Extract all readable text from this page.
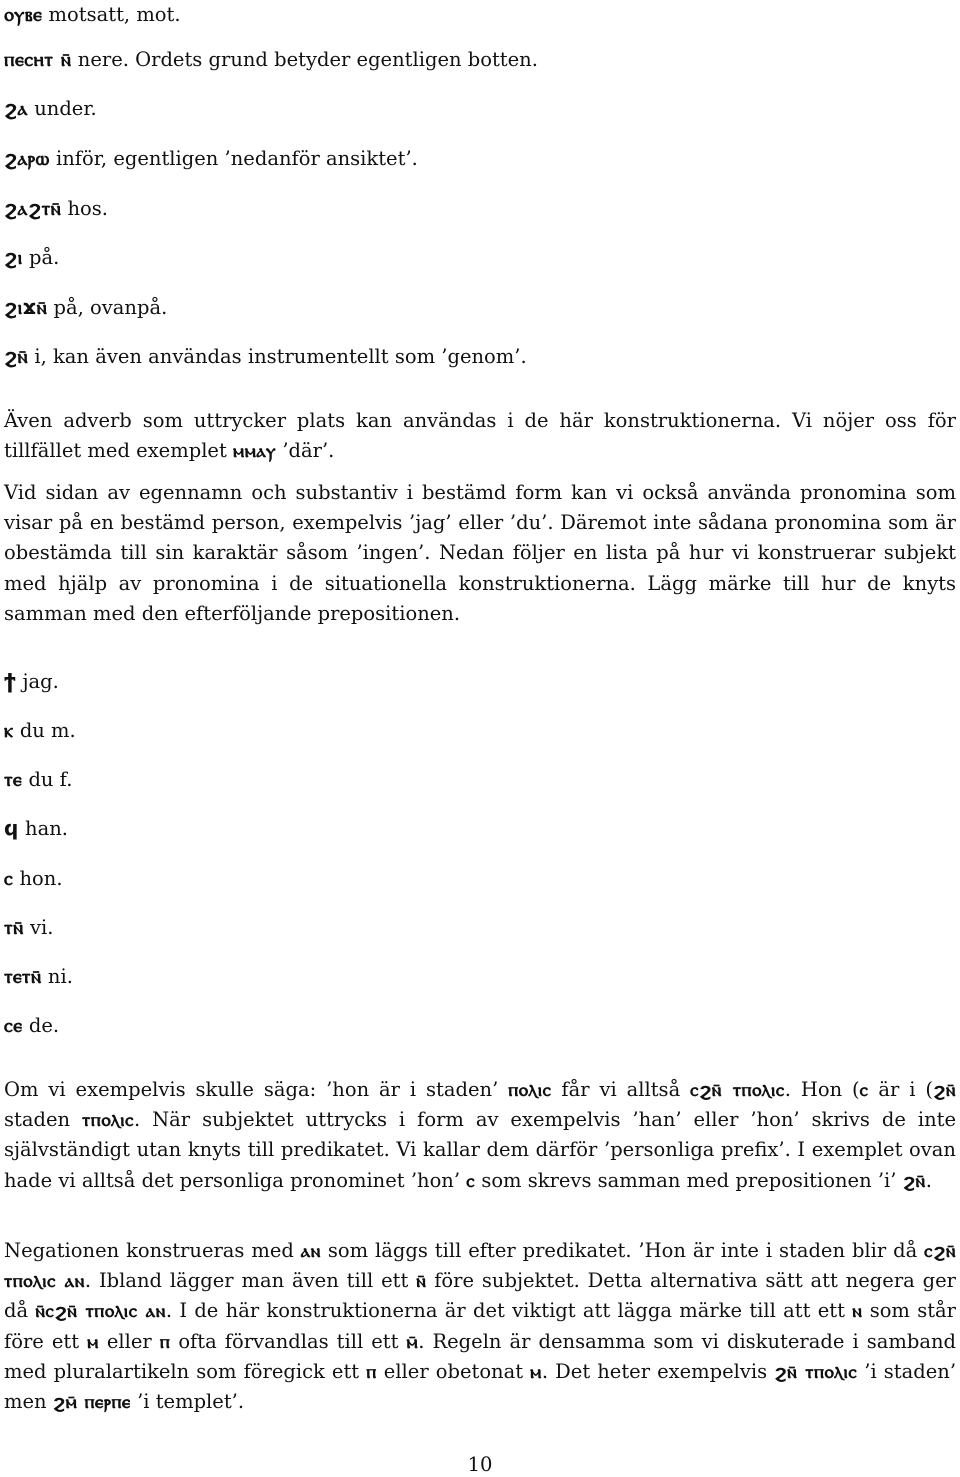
ⲟⲩⲃⲉ motsatt, mot.
ⲡⲉⲥⲏⲧ ⲛ̄ nere. Ordets grund betyder egentligen botten.
ϩⲁ under.
ϩⲁⲣⲱ inför, egentligen ’nedanför ansiktet’.
ϩⲁϩⲧⲛ̄ hos.
ϩⲓ på.
ϩⲓϫⲛ̄ på, ovanpå.
ϩⲛ̄ i, kan även användas instrumentellt som ’genom’.
Även adverb som uttrycker plats kan användas i de här konstruktionerna. Vi nöjer oss för tillfället med exemplet ⲙⲙⲁⲩ ’där’.
Vid sidan av egennamn och substantiv i bestämd form kan vi också använda pronomina som visar på en bestämd person, exempelvis ’jag’ eller ’du’. Däremot inte sådana pronomina som är obestämda till sin karaktär såsom ’ingen’. Nedan följer en lista på hur vi konstruerar subjekt med hjälp av pronomina i de situationella konstruktionerna. Lägg märke till hur de knyts samman med den efterföljande prepositionen.
ϯ jag.
ⲕ du m.
ⲧⲉ du f.
ϥ han.
ⲥ hon.
ⲧⲛ̄ vi.
ⲧⲉⲧⲛ̄ ni.
ⲥⲉ de.
Om vi exempelvis skulle säga: ’hon är i staden’ ⲡⲟⲗⲓⲥ får vi alltså ⲥϩⲛ̄ ⲧⲡⲟⲗⲓⲥ. Hon (ⲥ är i (ϩⲛ̄ staden ⲧⲡⲟⲗⲓⲥ. När subjektet uttrycks i form av exempelvis ’han’ eller ’hon’ skrivs de inte självständigt utan knyts till predikatet. Vi kallar dem därför ’personliga prefix’. I exemplet ovan hade vi alltså det personliga pronominet ’hon’ ⲥ som skrevs samman med prepositionen ’i’ ϩⲛ̄.
Negationen konstrueras med ⲁⲛ som läggs till efter predikatet. ’Hon är inte i staden blir då ⲥϩⲛ̄ ⲧⲡⲟⲗⲓⲥ ⲁⲛ. Ibland lägger man även till ett ⲛ̄ före subjektet. Detta alternativa sätt att negera ger då ⲛ̄ⲥϩⲛ̄ ⲧⲡⲟⲗⲓⲥ ⲁⲛ. I de här konstruktionerna är det viktigt att lägga märke till att ett ⲛ som står före ett ⲙ eller ⲡ ofta förvandlas till ett ⲙ̄. Regeln är densamma som vi diskuterade i samband med pluralartikeln som föregick ett ⲡ eller obetonat ⲙ. Det heter exempelvis ϩⲛ̄ ⲧⲡⲟⲗⲓⲥ ’i staden’ men ϩⲙ̄ ⲡⲉⲣⲡⲉ ’i templet’.
10
